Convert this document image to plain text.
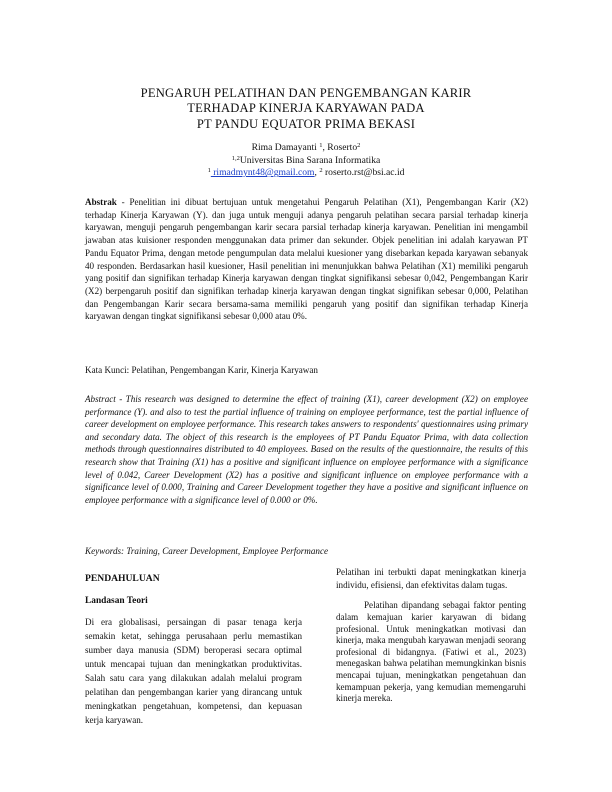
PENGARUH PELATIHAN DAN PENGEMBANGAN KARIR
TERHADAP KINERJA KARYAWAN PADA
PT PANDU EQUATOR PRIMA BEKASI
Rima Damayanti $^1$, Roserto$^2$
$^{1,2}$Universitas Bina Sarana Informatika
$^1$ rimadmynt48@gmail.com, $^2$ roserto.rst@bsi.ac.id
Abstrak - Penelitian ini dibuat bertujuan untuk mengetahui Pengaruh Pelatihan (X1), Pengembangan Karir (X2) terhadap Kinerja Karyawan (Y). dan juga untuk menguji adanya pengaruh pelatihan secara parsial terhadap kinerja karyawan, menguji pengaruh pengembangan karir secara parsial terhadap kinerja karyawan. Penelitian ini mengambil jawaban atas kuisioner responden menggunakan data primer dan sekunder. Objek penelitian ini adalah karyawan PT Pandu Equator Prima, dengan metode pengumpulan data melalui kuesioner yang disebarkan kepada karyawan sebanyak 40 responden. Berdasarkan hasil kuesioner, Hasil penelitian ini menunjukkan bahwa Pelatihan (X1) memiliki pengaruh yang positif dan signifikan terhadap Kinerja karyawan dengan tingkat signifikansi sebesar 0,042, Pengembangan Karir (X2) berpengaruh positif dan signifikan terhadap kinerja karyawan dengan tingkat signifikan sebesar 0,000, Pelatihan dan Pengembangan Karir secara bersama-sama memiliki pengaruh yang positif dan signifikan terhadap Kinerja karyawan dengan tingkat signifikansi sebesar 0,000 atau 0%.
Kata Kunci: Pelatihan, Pengembangan Karir, Kinerja Karyawan
Abstract - This research was designed to determine the effect of training (X1), career development (X2) on employee performance (Y). and also to test the partial influence of training on employee performance, test the partial influence of career development on employee performance. This research takes answers to respondents' questionnaires using primary and secondary data. The object of this research is the employees of PT Pandu Equator Prima, with data collection methods through questionnaires distributed to 40 employees. Based on the results of the questionnaire, the results of this research show that Training (X1) has a positive and significant influence on employee performance with a significance level of 0.042, Career Development (X2) has a positive and significant influence on employee performance with a significance level of 0.000, Training and Career Development together they have a positive and significant influence on employee performance with a significance level of 0.000 or 0%.
Keywords: Training, Career Development, Employee Performance
PENDAHULUAN
Landasan Teori
Di era globalisasi, persaingan di pasar tenaga kerja semakin ketat, sehingga perusahaan perlu memastikan sumber daya manusia (SDM) beroperasi secara optimal untuk mencapai tujuan dan meningkatkan produktivitas. Salah satu cara yang dilakukan adalah melalui program pelatihan dan pengembangan karier yang dirancang untuk meningkatkan pengetahuan, kompetensi, dan kepuasan kerja karyawan.
Pelatihan ini terbukti dapat meningkatkan kinerja individu, efisiensi, dan efektivitas dalam tugas.
Pelatihan dipandang sebagai faktor penting dalam kemajuan karier karyawan di bidang profesional. Untuk meningkatkan motivasi dan kinerja, maka mengubah karyawan menjadi seorang profesional di bidangnya. (Fatiwi et al., 2023) menegaskan bahwa pelatihan memungkinkan bisnis mencapai tujuan, meningkatkan pengetahuan dan kemampuan pekerja, yang kemudian memengaruhi kinerja mereka.
